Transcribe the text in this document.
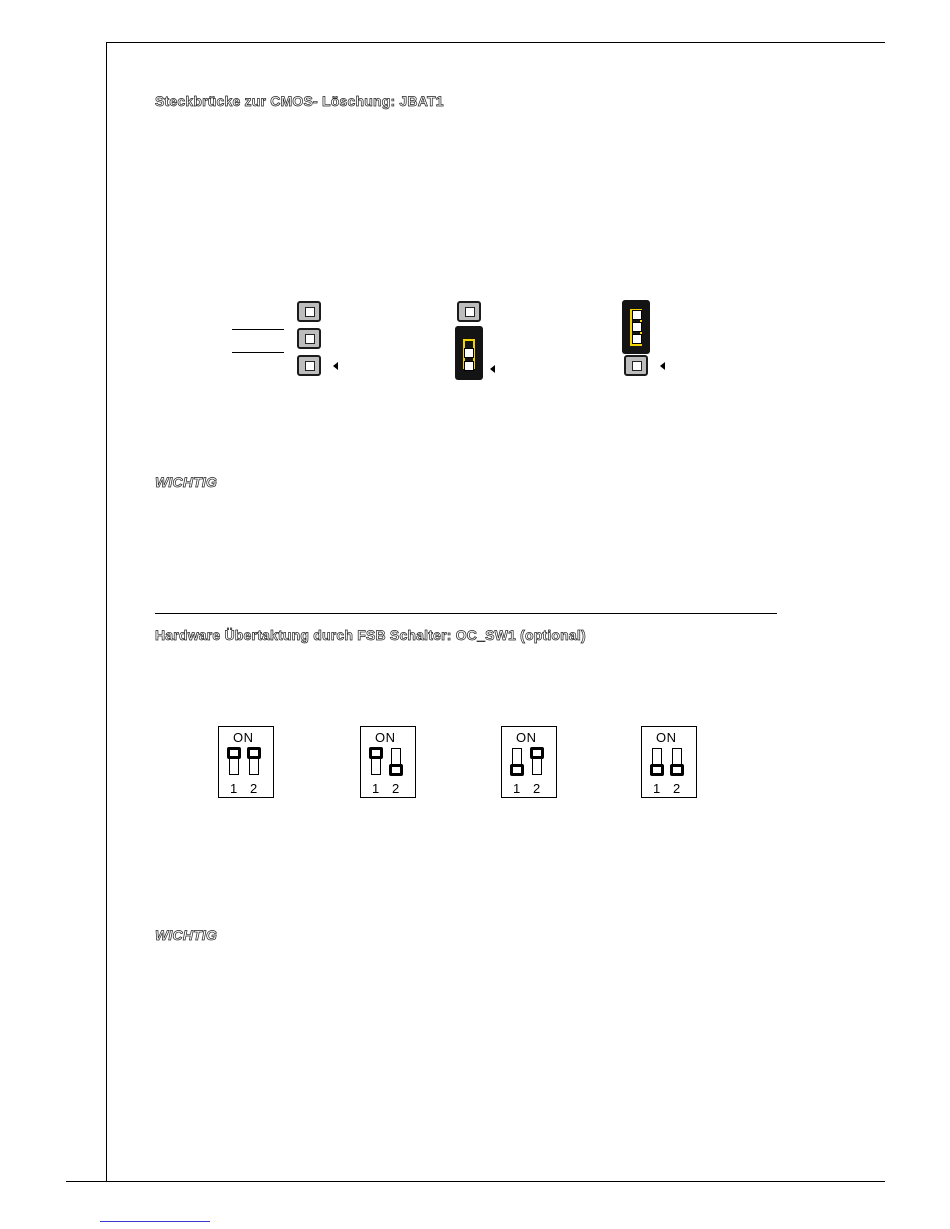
Steckbrücke zur CMOS- Löschung: JBAT1
WICHTIG
Hardware Übertaktung durch FSB Schalter: OC_SW1 (optional)
ON
1 2
ON
1 2
ON
1 2
ON
1 2
WICHTIG
